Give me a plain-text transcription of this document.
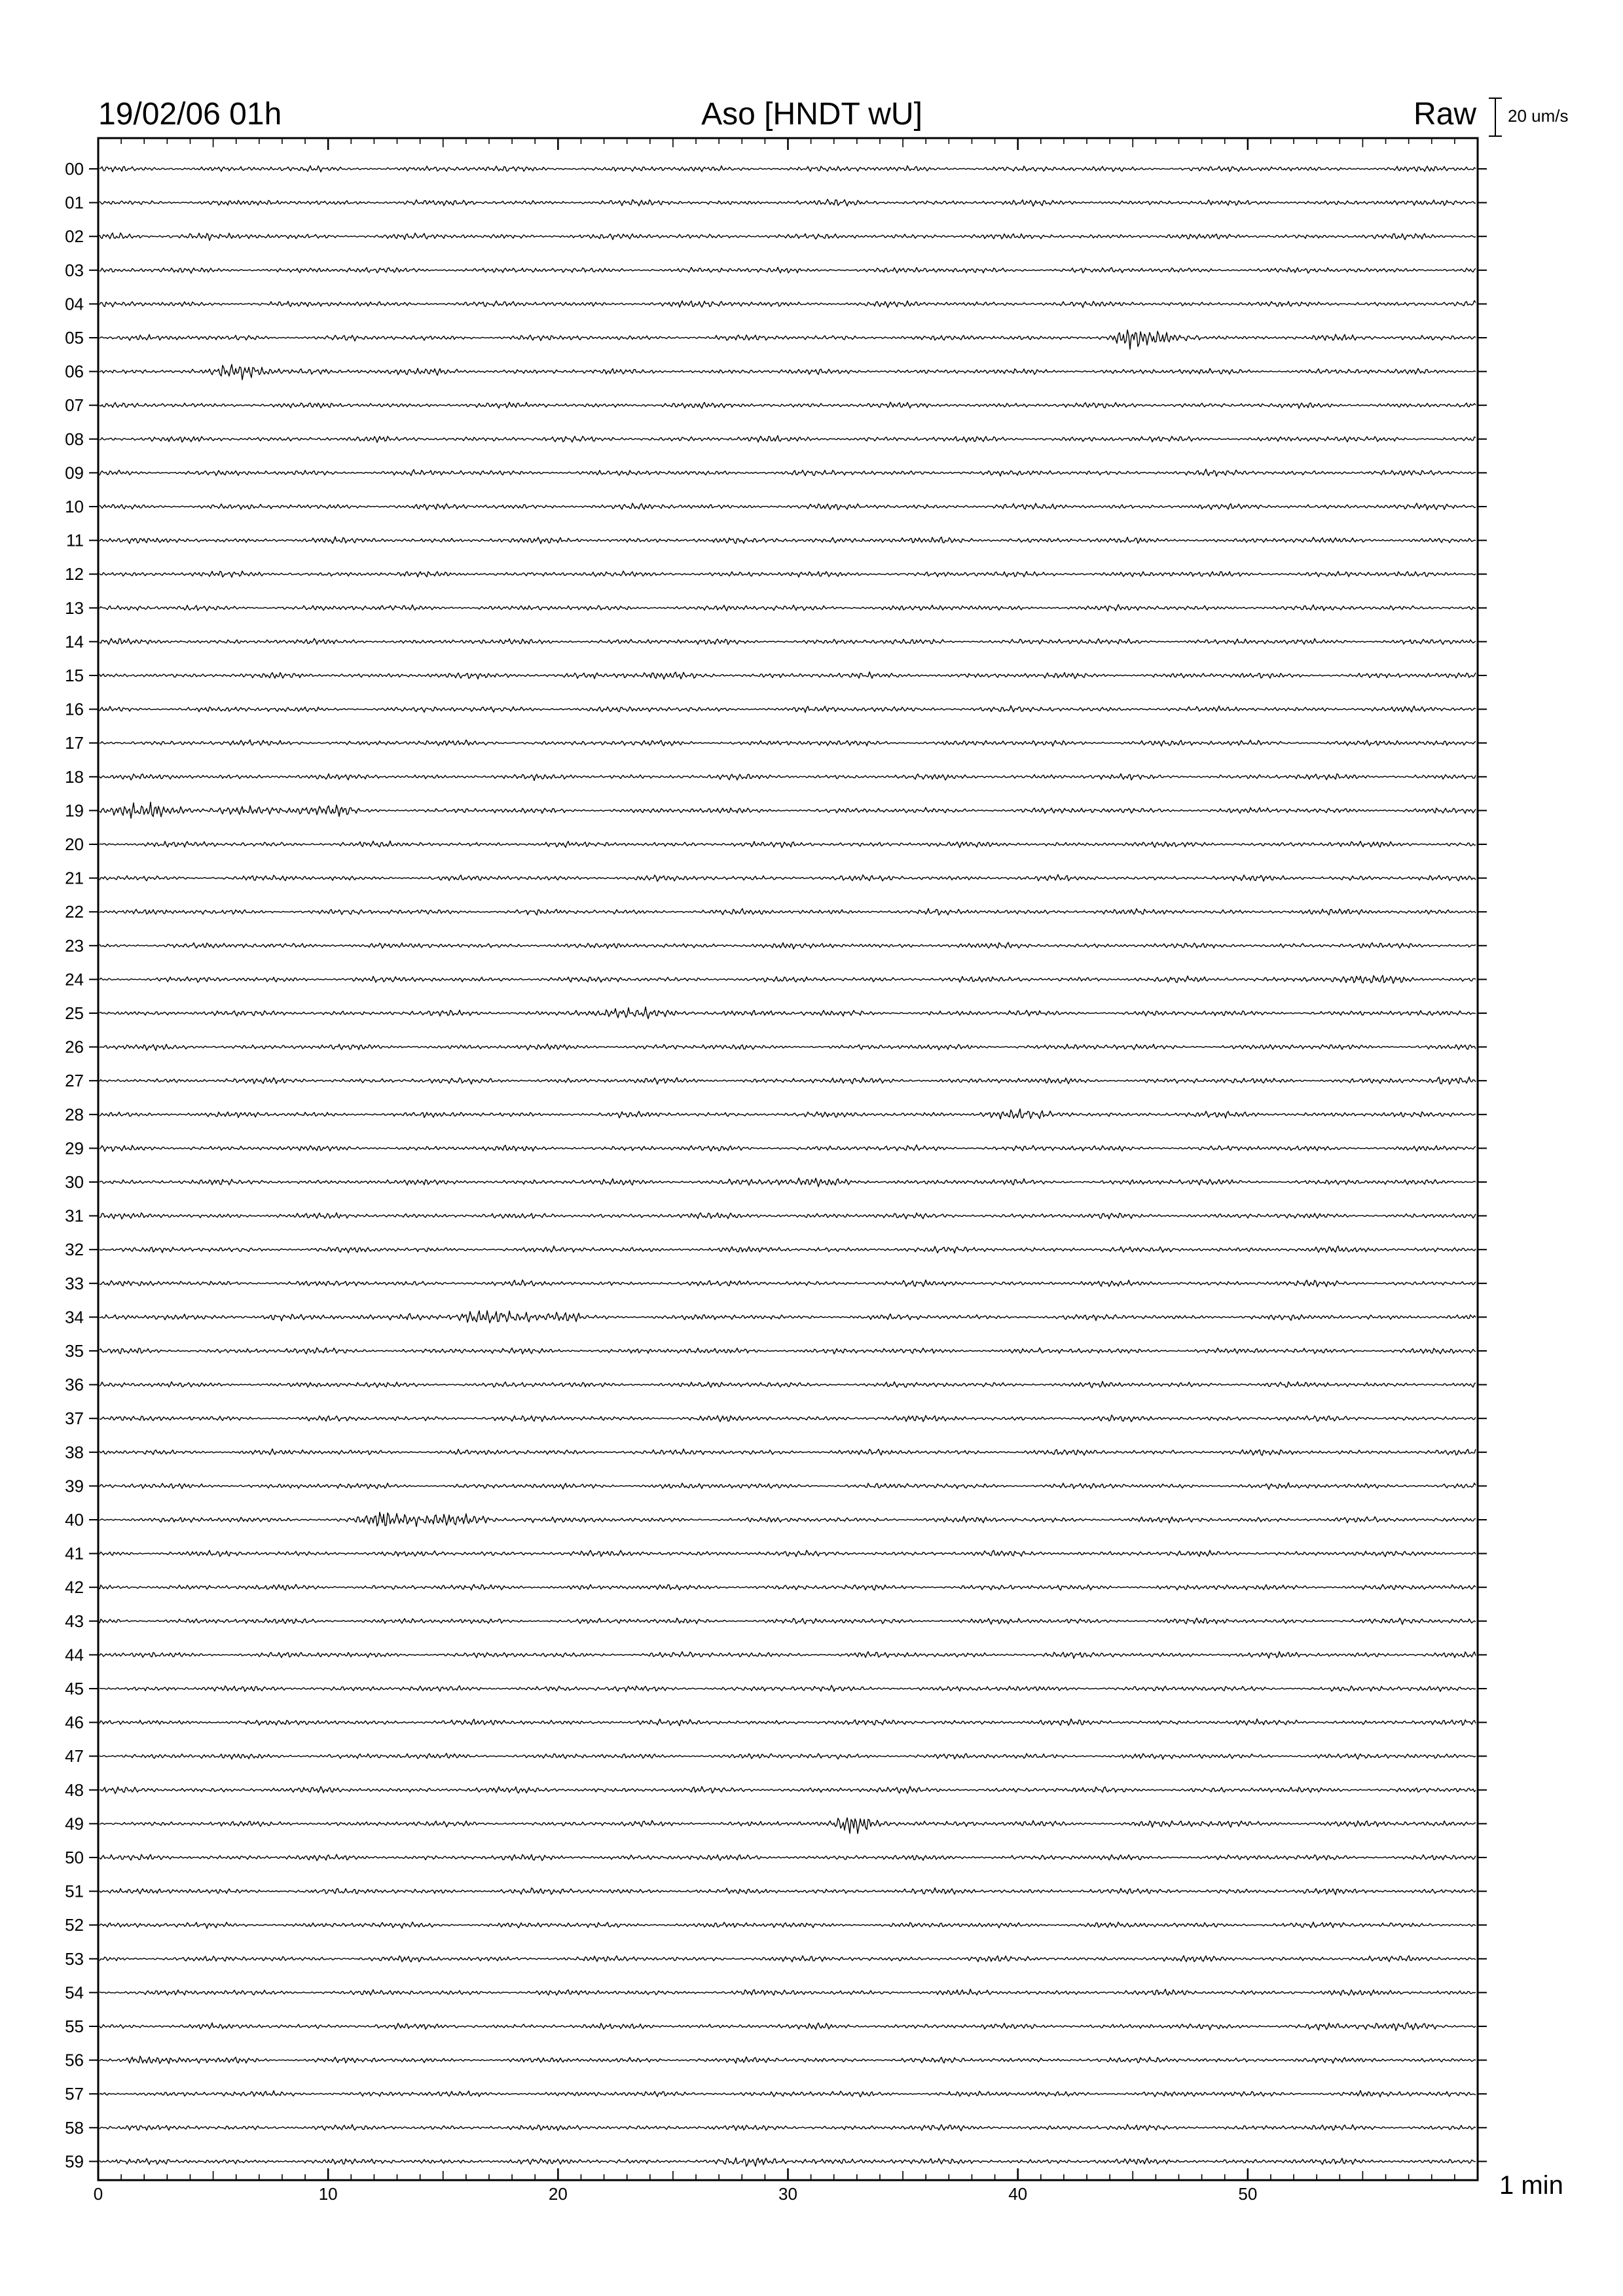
19/02/06 01h	Aso [HNDT wU]	Raw 20 um/s
00
01
02
03
04
05
06
07
08
09
10
11
12
13
14
15
16
17
18
19
20
21
22
23
24
25
26
27
28
29
30
31
32
33
34
35
36
37
38
39
40
41
42
43
44
45
46
47
48
49
50
51
52
53
54
55
56
57
58
59
0	10	20	30	40	50	1 min
